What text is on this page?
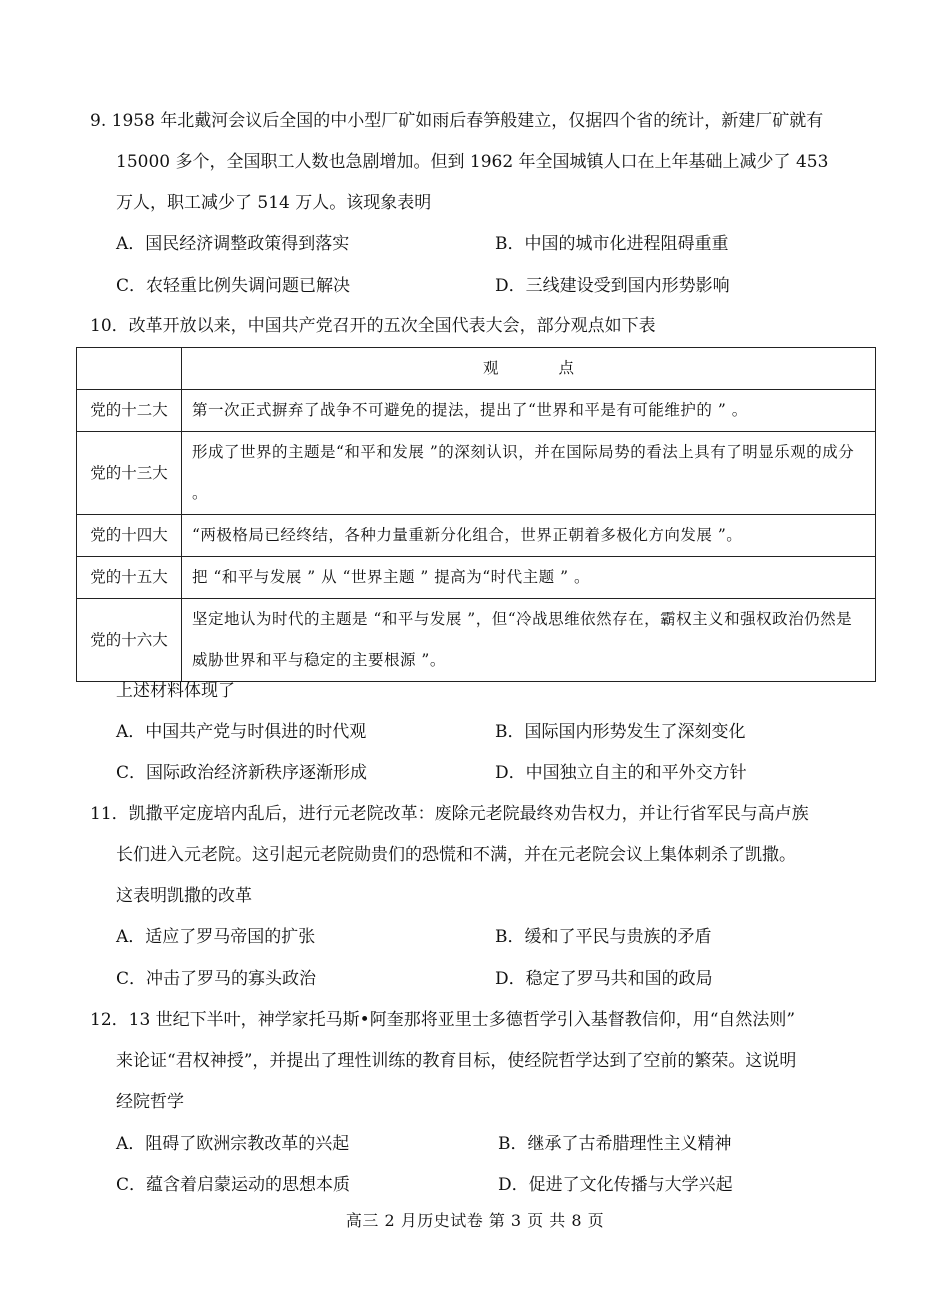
9. 1958 年北戴河会议后全国的中小型厂矿如雨后春笋般建立，仅据四个省的统计，新建厂矿就有
15000 多个，全国职工人数也急剧增加。但到 1962 年全国城镇人口在上年基础上减少了 453
万人，职工减少了 514 万人。该现象表明
A．国民经济调整政策得到落实	B．中国的城市化进程阻碍重重
C．农轻重比例失调问题已解决	D．三线建设受到国内形势影响
10．改革开放以来，中国共产党召开的五次全国代表大会，部分观点如下表
	观点
党的十二大	第一次正式摒弃了战争不可避免的提法，提出了“世界和平是有可能维护的 ” 。
党的十三大	形成了世界的主题是“和平和发展 ”的深刻认识，并在国际局势的看法上具有了明显乐观的成分 。
党的十四大	“两极格局已经终结，各种力量重新分化组合，世界正朝着多极化方向发展 ”。
党的十五大	把 “和平与发展 ” 从 “世界主题 ” 提高为“时代主题 ” 。
党的十六大	坚定地认为时代的主题是 “和平与发展 ”，但“冷战思维依然存在，霸权主义和强权政治仍然是威胁世界和平与稳定的主要根源 ”。
上述材料体现了
A．中国共产党与时俱进的时代观	B．国际国内形势发生了深刻变化
C．国际政治经济新秩序逐渐形成	D．中国独立自主的和平外交方针
11．凯撒平定庞培内乱后，进行元老院改革：废除元老院最终劝告权力，并让行省军民与高卢族
长们进入元老院。这引起元老院勋贵们的恐慌和不满，并在元老院会议上集体刺杀了凯撒。
这表明凯撒的改革
A．适应了罗马帝国的扩张	B．缓和了平民与贵族的矛盾
C．冲击了罗马的寡头政治	D．稳定了罗马共和国的政局
12．13 世纪下半叶，神学家托马斯•阿奎那将亚里士多德哲学引入基督教信仰，用“自然法则”
来论证“君权神授”，并提出了理性训练的教育目标，使经院哲学达到了空前的繁荣。这说明
经院哲学
A．阻碍了欧洲宗教改革的兴起	B．继承了古希腊理性主义精神
C．蕴含着启蒙运动的思想本质	D．促进了文化传播与大学兴起
高三 2 月历史试卷 第 3 页 共 8 页
